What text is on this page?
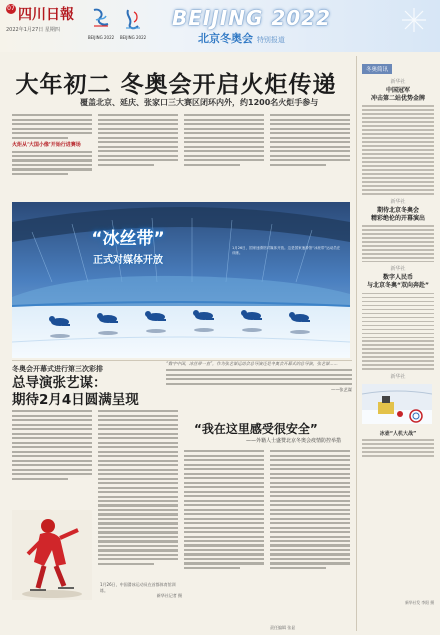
07 四川日報
2022年1月27日 星期四
BEIJING 2022	BEIJING 2022
BEIJING 2022
北京冬奥会 特别报道
大年初二 冬奥会开启火炬传递
覆盖北京、延庆、张家口三大赛区闭环内外，约1200名火炬手参与
火炬从‘大国小像’开始行进赛场
“冰丝带”
正式对媒体开放
1月26日，国家速滑馆对媒体开放。这是国家速滑馆“冰丝带”运动员在训练。
冬奥会开幕式进行第三次彩排
总导演张艺谋：
期待2月4日圆满呈现
“数字中国，冰丝带一直”，作为张艺谋运动会总导演还是冬奥会开幕式的总导演，张艺谋……
——张艺谋
“我在这里感受很安全”
——外籍人士盛赞北京冬奥会疫情防控举措
1月26日，中国滑冰运动员在首都体育馆训练。
新华社记者 摄
冬奥简讯
新华社
中国冠军
冲击第二站优势金牌
新华社
期待北京冬奥会
精彩绝伦的开幕演出
新华社
数字人民币
与北京冬奥“双向奔赴”
新华社
冰壶“人机大战”
新华社发 李阳 摄
责任编辑 张显
